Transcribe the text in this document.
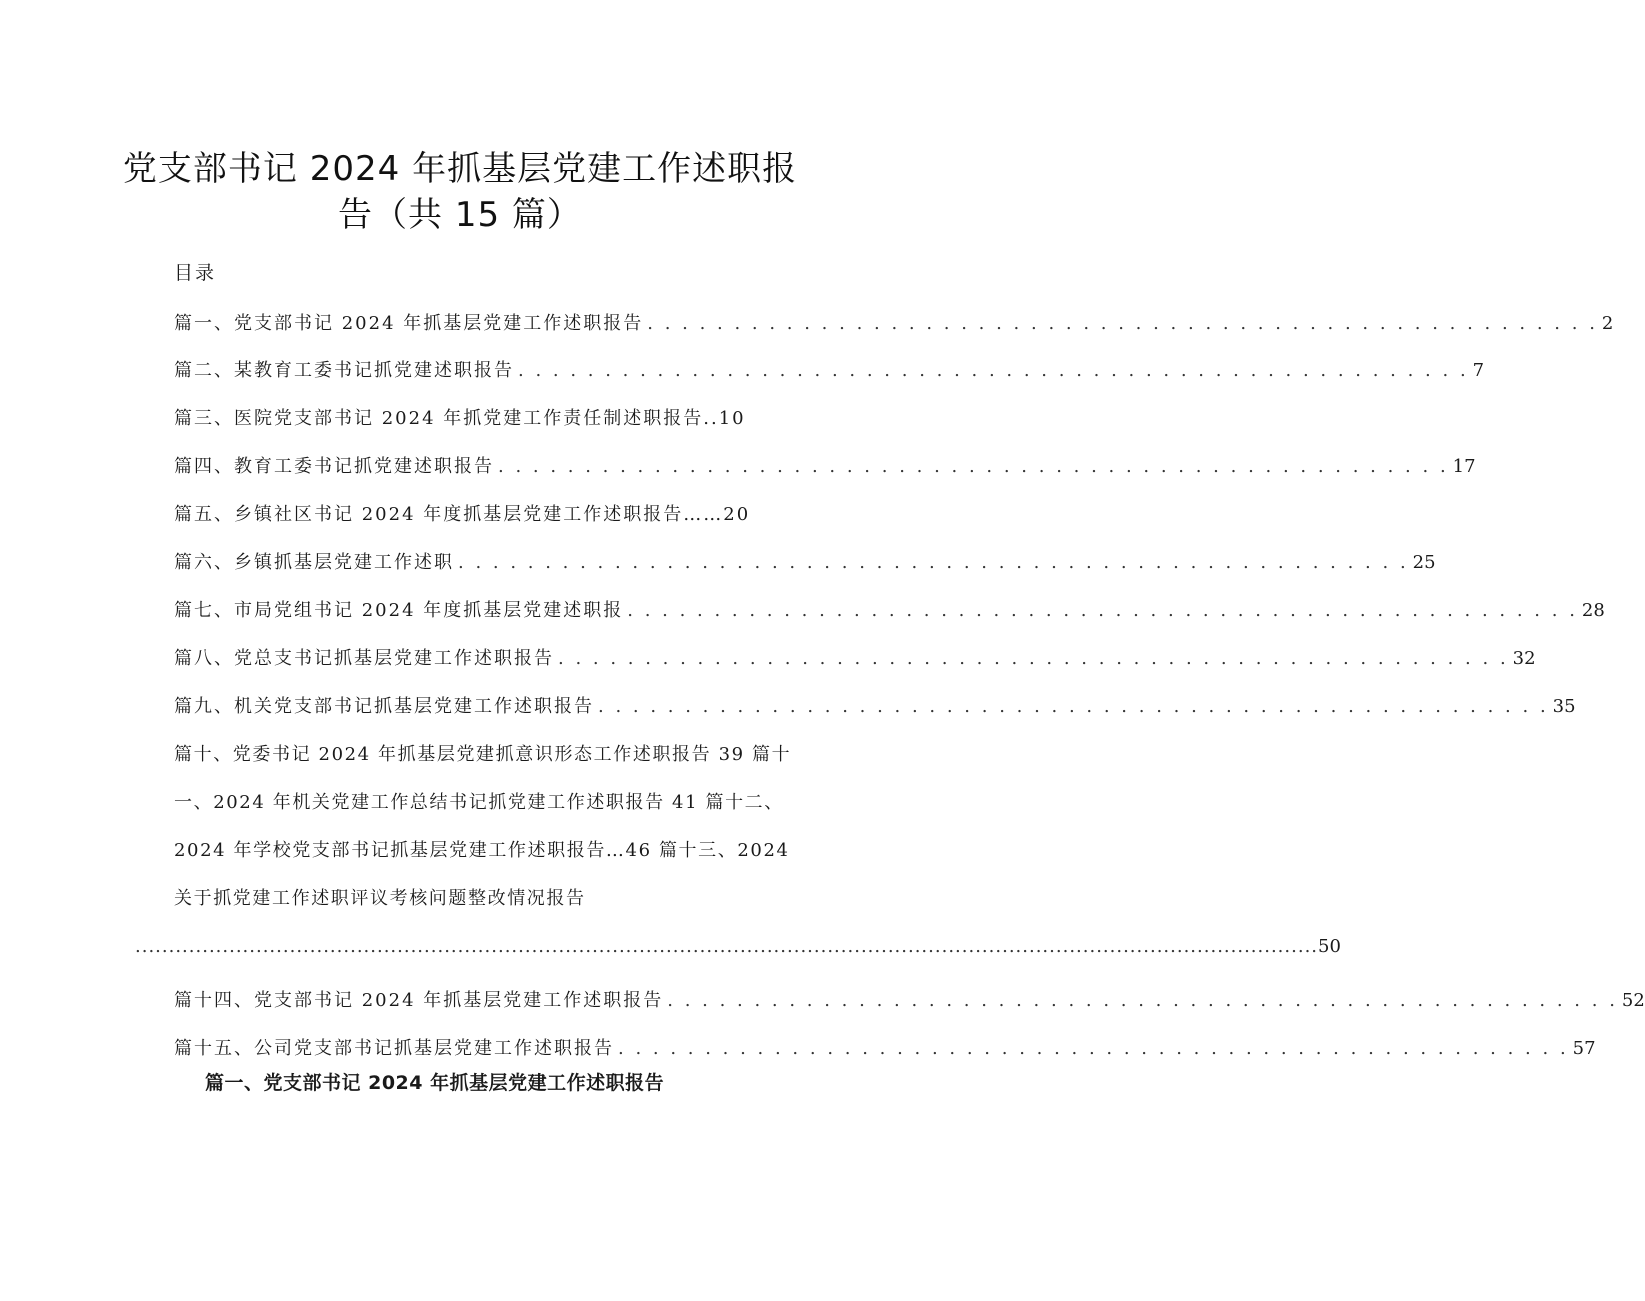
党支部书记 2024 年抓基层党建工作述职报
告（共 15 篇）
目录
篇一、党支部书记 2024 年抓基层党建工作述职报告 . . . . . . . . . . . . . . . . . . . . . . . . . . . . . . . . . . . . . . . . . . . . . . . . . . . . . . . 2
篇二、某教育工委书记抓党建述职报告 . . . . . . . . . . . . . . . . . . . . . . . . . . . . . . . . . . . . . . . . . . . . . . . . . . . . . . . 7
篇三、医院党支部书记 2024 年抓党建工作责任制述职报告..10
篇四、教育工委书记抓党建述职报告 . . . . . . . . . . . . . . . . . . . . . . . . . . . . . . . . . . . . . . . . . . . . . . . . . . . . . . . 17
篇五、乡镇社区书记 2024 年度抓基层党建工作述职报告……20
篇六、乡镇抓基层党建工作述职 . . . . . . . . . . . . . . . . . . . . . . . . . . . . . . . . . . . . . . . . . . . . . . . . . . . . . . . 25
篇七、市局党组书记 2024 年度抓基层党建述职报 . . . . . . . . . . . . . . . . . . . . . . . . . . . . . . . . . . . . . . . . . . . . . . . . . . . . . . . 28
篇八、党总支书记抓基层党建工作述职报告 . . . . . . . . . . . . . . . . . . . . . . . . . . . . . . . . . . . . . . . . . . . . . . . . . . . . . . . 32
篇九、机关党支部书记抓基层党建工作述职报告 . . . . . . . . . . . . . . . . . . . . . . . . . . . . . . . . . . . . . . . . . . . . . . . . . . . . . . . 35
篇十、党委书记 2024 年抓基层党建抓意识形态工作述职报告 39 篇十
一、2024 年机关党建工作总结书记抓党建工作述职报告 41 篇十二、
2024 年学校党支部书记抓基层党建工作述职报告…46 篇十三、2024
关于抓党建工作述职评议考核问题整改情况报告
................................................................................................................................................................................ 50
篇十四、党支部书记 2024 年抓基层党建工作述职报告 . . . . . . . . . . . . . . . . . . . . . . . . . . . . . . . . . . . . . . . . . . . . . . . . . . . . . . . 52
篇十五、公司党支部书记抓基层党建工作述职报告 . . . . . . . . . . . . . . . . . . . . . . . . . . . . . . . . . . . . . . . . . . . . . . . . . . . . . . . 57
篇一、党支部书记 2024 年抓基层党建工作述职报告
